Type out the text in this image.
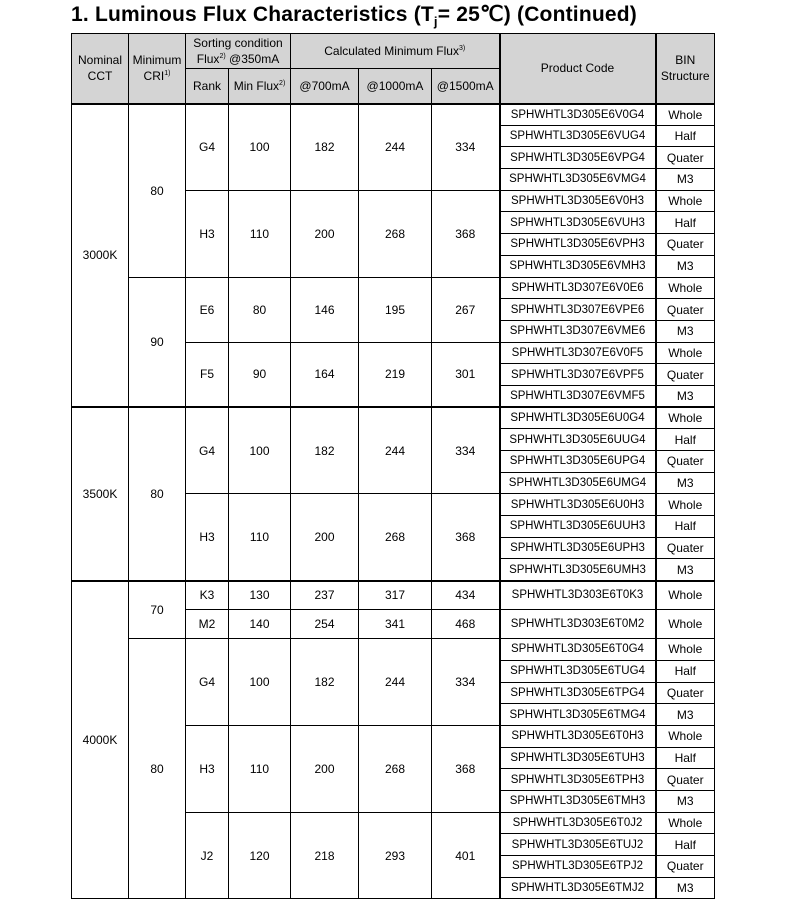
1. Luminous Flux Characteristics ($T_j=$ 25℃) (Continued)
Nominal CCT	Minimum CRI$^{1)}$	Sorting condition
Flux$^{2)}$ @350mA		Calculated Minimum Flux$^{3)}$			Product Code	BIN Structure
		Rank	Min Flux$^{2)}$	@700mA	@1000mA	@1500mA		
3000K	80	G4	100	182	244	334	SPHWHTL3D305E6V0G4	Whole
							SPHWHTL3D305E6VUG4	Half
							SPHWHTL3D305E6VPG4	Quater
							SPHWHTL3D305E6VMG4	M3
		H3	110	200	268	368	SPHWHTL3D305E6V0H3	Whole
							SPHWHTL3D305E6VUH3	Half
							SPHWHTL3D305E6VPH3	Quater
							SPHWHTL3D305E6VMH3	M3
	90	E6	80	146	195	267	SPHWHTL3D307E6V0E6	Whole
							SPHWHTL3D307E6VPE6	Quater
							SPHWHTL3D307E6VME6	M3
		F5	90	164	219	301	SPHWHTL3D307E6V0F5	Whole
							SPHWHTL3D307E6VPF5	Quater
							SPHWHTL3D307E6VMF5	M3
3500K	80	G4	100	182	244	334	SPHWHTL3D305E6U0G4	Whole
							SPHWHTL3D305E6UUG4	Half
							SPHWHTL3D305E6UPG4	Quater
							SPHWHTL3D305E6UMG4	M3
		H3	110	200	268	368	SPHWHTL3D305E6U0H3	Whole
							SPHWHTL3D305E6UUH3	Half
							SPHWHTL3D305E6UPH3	Quater
							SPHWHTL3D305E6UMH3	M3
4000K	70	K3	130	237	317	434	SPHWHTL3D303E6T0K3	Whole
		M2	140	254	341	468	SPHWHTL3D303E6T0M2	Whole
	80	G4	100	182	244	334	SPHWHTL3D305E6T0G4	Whole
							SPHWHTL3D305E6TUG4	Half
							SPHWHTL3D305E6TPG4	Quater
							SPHWHTL3D305E6TMG4	M3
		H3	110	200	268	368	SPHWHTL3D305E6T0H3	Whole
							SPHWHTL3D305E6TUH3	Half
							SPHWHTL3D305E6TPH3	Quater
							SPHWHTL3D305E6TMH3	M3
		J2	120	218	293	401	SPHWHTL3D305E6T0J2	Whole
							SPHWHTL3D305E6TUJ2	Half
							SPHWHTL3D305E6TPJ2	Quater
							SPHWHTL3D305E6TMJ2	M3
